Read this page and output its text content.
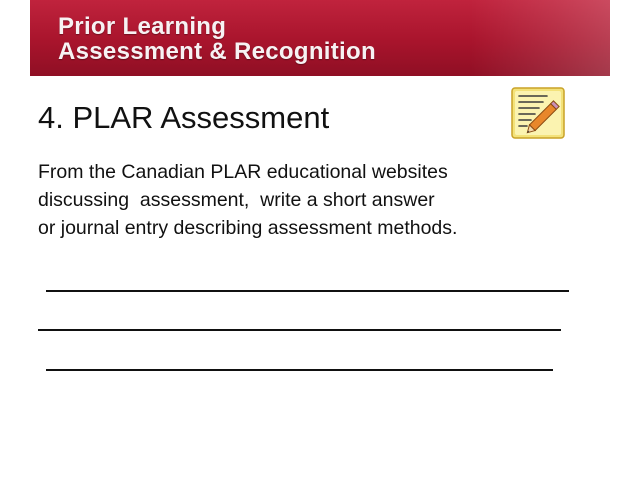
Prior Learning
Assessment & Recognition
4. PLAR Assessment
From the Canadian PLAR educational websites
discussing  assessment,  write a short answer
or journal entry describing assessment methods.
